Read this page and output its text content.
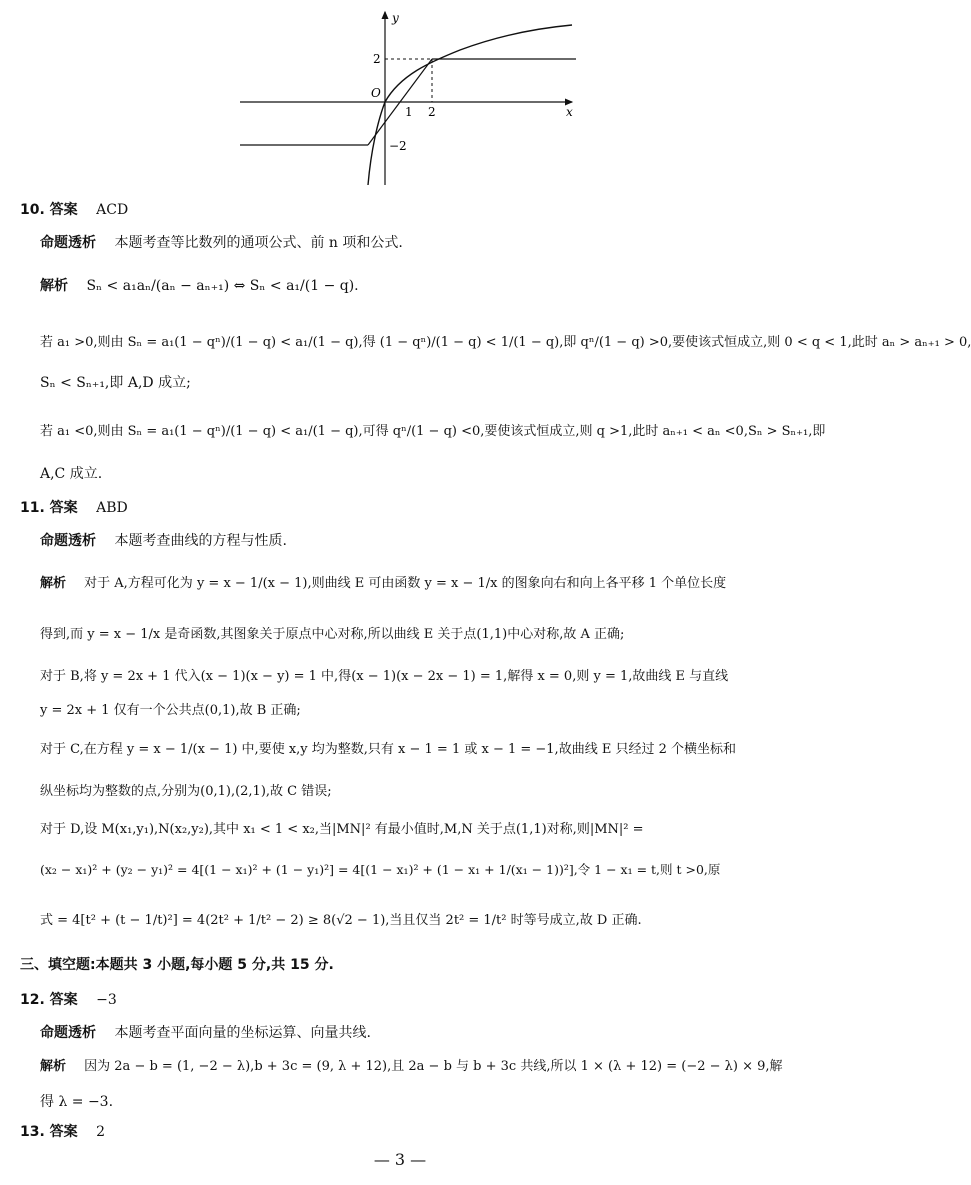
y
x
O
2
−2
1 2
10. 答案 ACD
命题透析 本题考查等比数列的通项公式、前 n 项和公式.
解析 Sₙ < a₁aₙ/(aₙ − aₙ₊₁) ⇔ Sₙ < a₁/(1 − q).
若 a₁ >0,则由 Sₙ = a₁(1 − qⁿ)/(1 − q) < a₁/(1 − q),得 (1 − qⁿ)/(1 − q) < 1/(1 − q),即 qⁿ/(1 − q) >0,要使该式恒成立,则 0 < q < 1,此时 aₙ > aₙ₊₁ > 0,
Sₙ < Sₙ₊₁,即 A,D 成立;
若 a₁ <0,则由 Sₙ = a₁(1 − qⁿ)/(1 − q) < a₁/(1 − q),可得 qⁿ/(1 − q) <0,要使该式恒成立,则 q >1,此时 aₙ₊₁ < aₙ <0,Sₙ > Sₙ₊₁,即
A,C 成立.
11. 答案 ABD
命题透析 本题考查曲线的方程与性质.
解析 对于 A,方程可化为 y = x − 1/(x − 1),则曲线 E 可由函数 y = x − 1/x 的图象向右和向上各平移 1 个单位长度
得到,而 y = x − 1/x 是奇函数,其图象关于原点中心对称,所以曲线 E 关于点(1,1)中心对称,故 A 正确;
对于 B,将 y = 2x + 1 代入(x − 1)(x − y) = 1 中,得(x − 1)(x − 2x − 1) = 1,解得 x = 0,则 y = 1,故曲线 E 与直线
y = 2x + 1 仅有一个公共点(0,1),故 B 正确;
对于 C,在方程 y = x − 1/(x − 1) 中,要使 x,y 均为整数,只有 x − 1 = 1 或 x − 1 = −1,故曲线 E 只经过 2 个横坐标和
纵坐标均为整数的点,分别为(0,1),(2,1),故 C 错误;
对于 D,设 M(x₁,y₁),N(x₂,y₂),其中 x₁ < 1 < x₂,当|MN|² 有最小值时,M,N 关于点(1,1)对称,则|MN|² =
(x₂ − x₁)² + (y₂ − y₁)² = 4[(1 − x₁)² + (1 − y₁)²] = 4[(1 − x₁)² + (1 − x₁ + 1/(x₁ − 1))²],令 1 − x₁ = t,则 t >0,原
式 = 4[t² + (t − 1/t)²] = 4(2t² + 1/t² − 2) ≥ 8(√2 − 1),当且仅当 2t² = 1/t² 时等号成立,故 D 正确.
三、填空题:本题共 3 小题,每小题 5 分,共 15 分.
12. 答案 −3
命题透析 本题考查平面向量的坐标运算、向量共线.
解析 因为 2a − b = (1, −2 − λ),b + 3c = (9, λ + 12),且 2a − b 与 b + 3c 共线,所以 1 × (λ + 12) = (−2 − λ) × 9,解
得 λ = −3.
13. 答案 2
— 3 —
